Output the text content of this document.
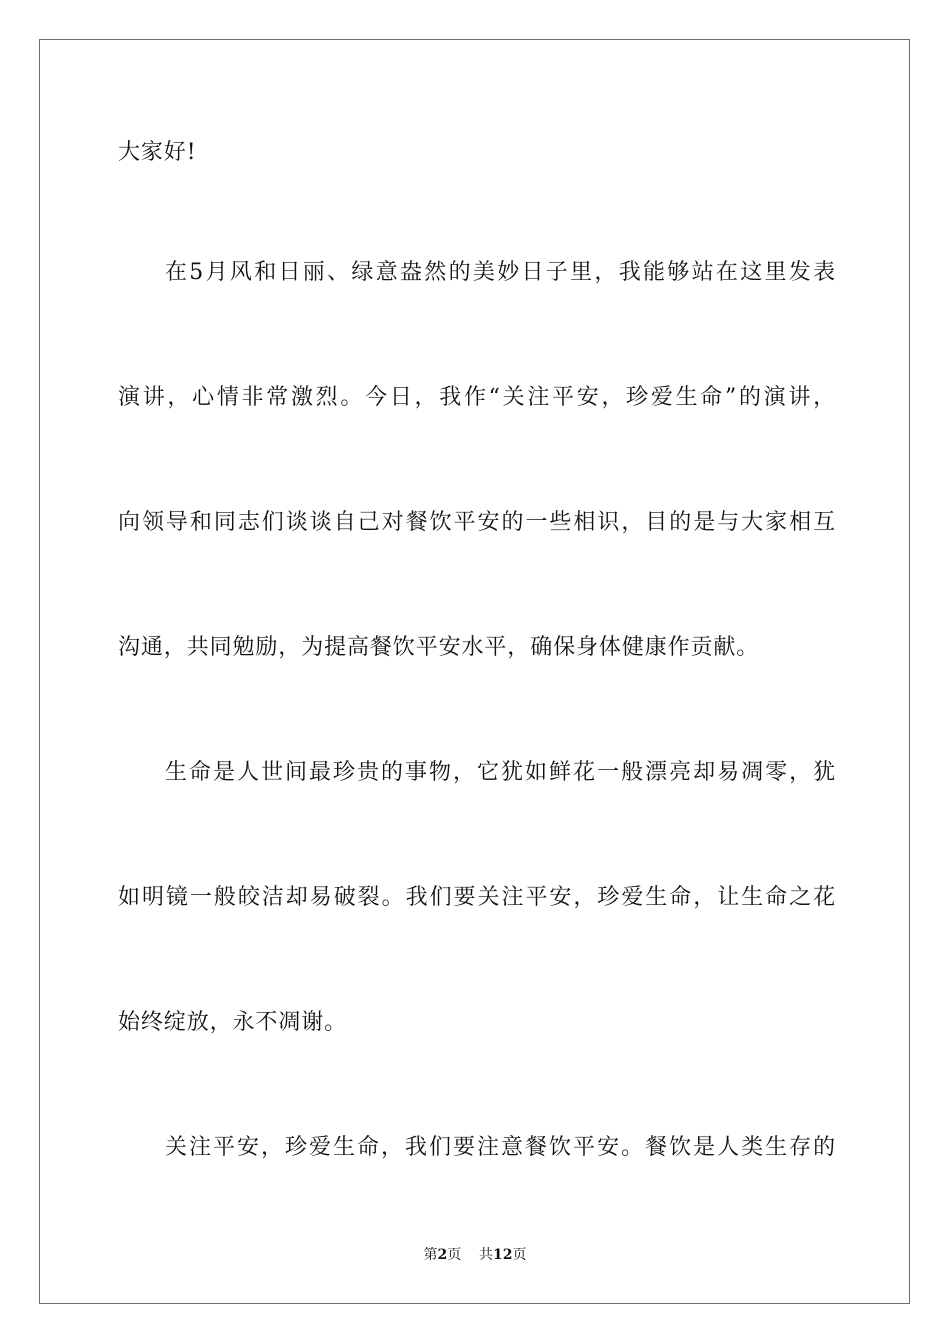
大家好!
在5月风和日丽、绿意盎然的美妙日子里，我能够站在这里发表
演讲，心情非常激烈。今日，我作“关注平安，珍爱生命”的演讲，
向领导和同志们谈谈自己对餐饮平安的一些相识，目的是与大家相互
沟通，共同勉励，为提高餐饮平安水平，确保身体健康作贡献。
生命是人世间最珍贵的事物，它犹如鲜花一般漂亮却易凋零，犹
如明镜一般皎洁却易破裂。我们要关注平安，珍爱生命，让生命之花
始终绽放，永不凋谢。
关注平安，珍爱生命，我们要注意餐饮平安。餐饮是人类生存的
第2页 共12页
